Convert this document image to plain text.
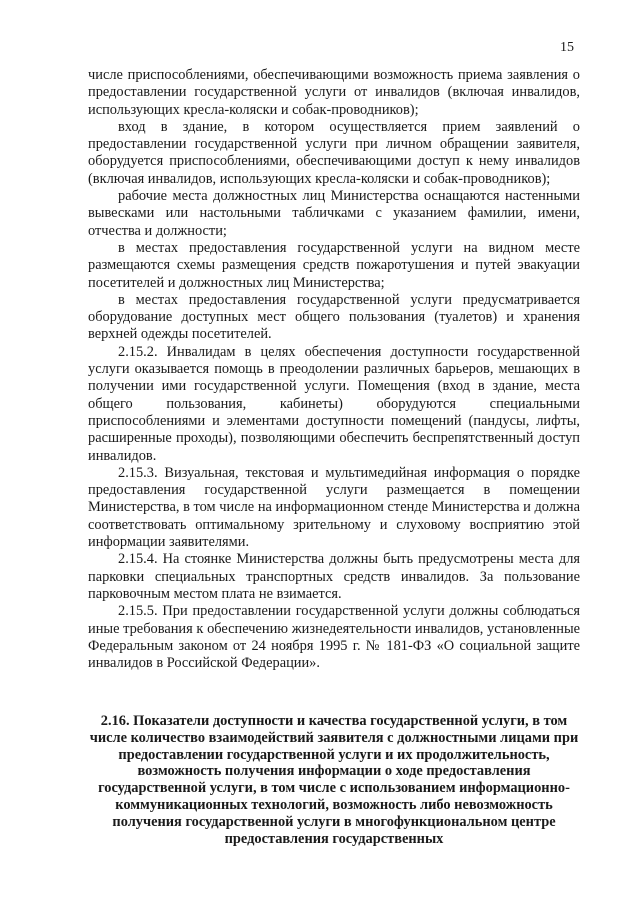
15

числе приспособлениями, обеспечивающими возможность приема заявления о предоставлении государственной услуги от инвалидов (включая инвалидов, использующих кресла-коляски и собак-проводников);

вход в здание, в котором осуществляется прием заявлений о предоставлении государственной услуги при личном обращении заявителя, оборудуется приспособлениями, обеспечивающими доступ к нему инвалидов (включая инвалидов, использующих кресла-коляски и собак-проводников);

рабочие места должностных лиц Министерства оснащаются настенными вывесками или настольными табличками с указанием фамилии, имени, отчества и должности;

в местах предоставления государственной услуги на видном месте размещаются схемы размещения средств пожаротушения и путей эвакуации посетителей и должностных лиц Министерства;

в местах предоставления государственной услуги предусматривается оборудование доступных мест общего пользования (туалетов) и хранения верхней одежды посетителей.

2.15.2. Инвалидам в целях обеспечения доступности государственной услуги оказывается помощь в преодолении различных барьеров, мешающих в получении ими государственной услуги. Помещения (вход в здание, места общего пользования, кабинеты) оборудуются специальными приспособлениями и элементами доступности помещений (пандусы, лифты, расширенные проходы), позволяющими обеспечить беспрепятственный доступ инвалидов.

2.15.3. Визуальная, текстовая и мультимедийная информация о порядке предоставления государственной услуги размещается в помещении Министерства, в том числе на информационном стенде Министерства и должна соответствовать оптимальному зрительному и слуховому восприятию этой информации заявителями.

2.15.4. На стоянке Министерства должны быть предусмотрены места для парковки специальных транспортных средств инвалидов. За пользование парковочным местом плата не взимается.

2.15.5. При предоставлении государственной услуги должны соблюдаться иные требования к обеспечению жизнедеятельности инвалидов, установленные Федеральным законом от 24 ноября 1995 г. № 181-ФЗ «О социальной защите инвалидов в Российской Федерации».

2.16. Показатели доступности и качества государственной услуги, в том числе количество взаимодействий заявителя с должностными лицами при предоставлении государственной услуги и их продолжительность, возможность получения информации о ходе предоставления государственной услуги, в том числе с использованием информационно-коммуникационных технологий, возможность либо невозможность получения государственной услуги в многофункциональном центре предоставления государственных
